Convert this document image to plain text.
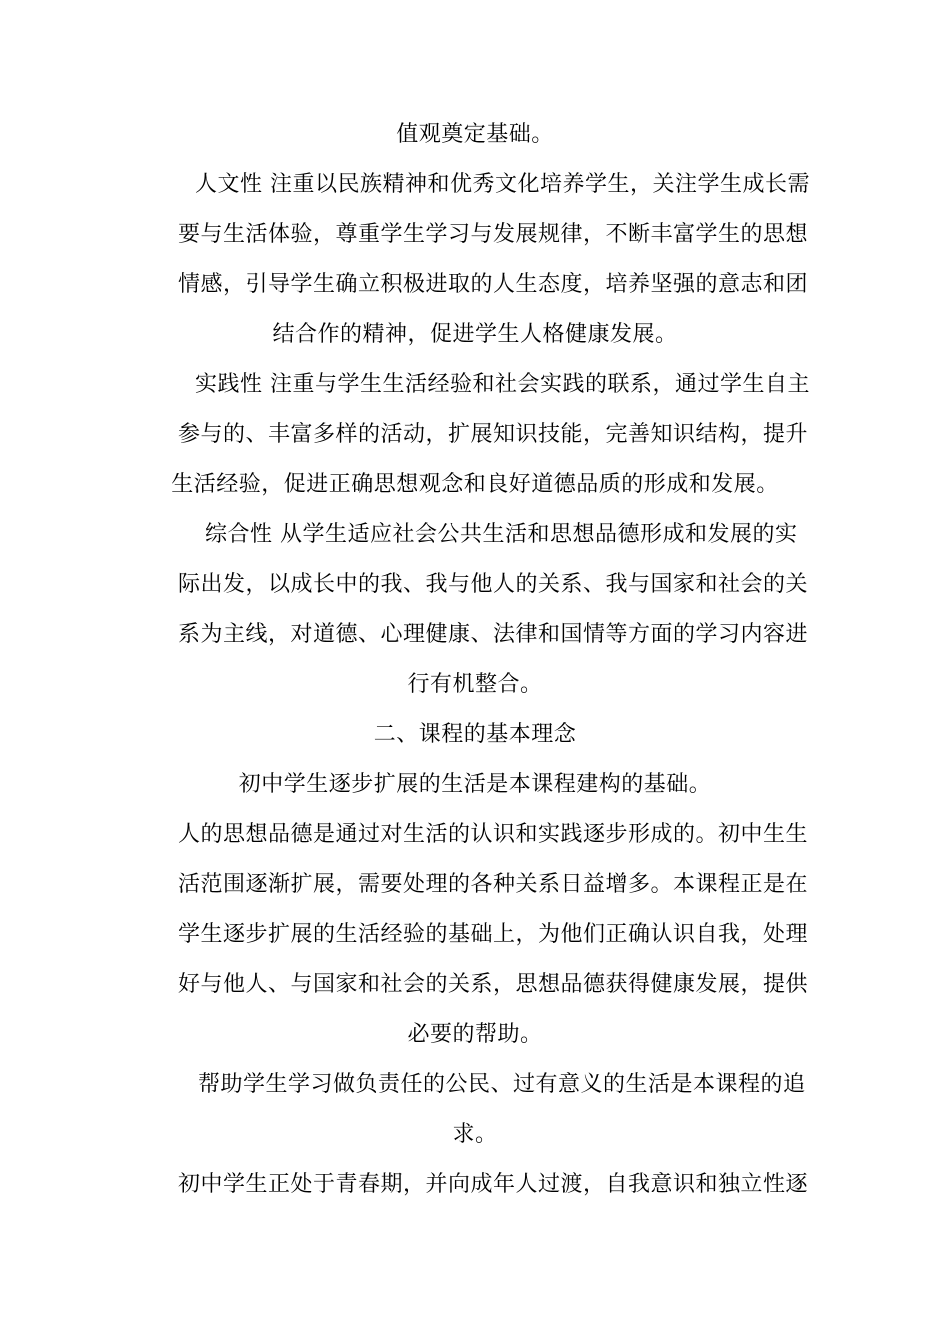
值观奠定基础。
人文性 注重以民族精神和优秀文化培养学生，关注学生成长需
要与生活体验，尊重学生学习与发展规律，不断丰富学生的思想
情感，引导学生确立积极进取的人生态度，培养坚强的意志和团
结合作的精神，促进学生人格健康发展。
实践性 注重与学生生活经验和社会实践的联系，通过学生自主
参与的、丰富多样的活动，扩展知识技能，完善知识结构，提升
生活经验，促进正确思想观念和良好道德品质的形成和发展。
综合性 从学生适应社会公共生活和思想品德形成和发展的实
际出发，以成长中的我、我与他人的关系、我与国家和社会的关
系为主线，对道德、心理健康、法律和国情等方面的学习内容进
行有机整合。
二、课程的基本理念
初中学生逐步扩展的生活是本课程建构的基础。
人的思想品德是通过对生活的认识和实践逐步形成的。初中生生
活范围逐渐扩展，需要处理的各种关系日益增多。本课程正是在
学生逐步扩展的生活经验的基础上，为他们正确认识自我，处理
好与他人、与国家和社会的关系，思想品德获得健康发展，提供
必要的帮助。
帮助学生学习做负责任的公民、过有意义的生活是本课程的追
求。
初中学生正处于青春期，并向成年人过渡，自我意识和独立性逐
